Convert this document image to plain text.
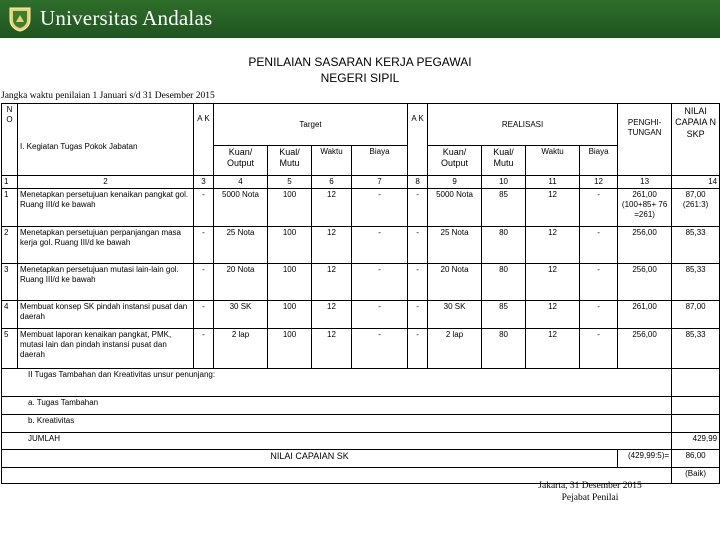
Universitas Andalas
PENILAIAN SASARAN KERJA PEGAWAI
NEGERI SIPIL
Jangka waktu penilaian 1 Januari s/d 31 Desember 2015
N O	I. Kegiatan Tugas Pokok Jabatan	A K	Target				A K	REALISASI				PENGHI- TUNGAN	NILAI CAPAIA N SKP
			Kuan/ Output	Kual/ Mutu	Waktu	Biaya		Kuan/ Output	Kual/ Mutu	Waktu	Biaya		
1	2	3	4	5	6	7	8	9	10	11	12	13	14
1	Menetapkan persetujuan kenaikan pangkat gol. Ruang III/d ke bawah	-	5000 Nota	100	12	-	-	5000 Nota	85	12	-	261,00 (100+85+ 76 =261)	87,00 (261:3)
2	Menetapkan persetujuan perpanjangan masa kerja gol. Ruang III/d ke bawah	-	25 Nota	100	12	-	-	25 Nota	80	12	-	256,00	85,33
3	Menetapkan persetujuan mutasi lain-lain gol. Ruang III/d ke bawah	-	20 Nota	100	12	-	-	20 Nota	80	12	-	256,00	85,33
4	Membuat konsep SK pindah instansi pusat dan daerah	-	30 SK	100	12	-	-	30 SK	85	12	-	261,00	87,00
5	Membuat laporan kenaikan pangkat, PMK, mutasi lain dan pindah instansi pusat dan daerah	-	2 lap	100	12	-	-	2 lap	80	12	-	256,00	85,33
II Tugas Tambahan dan Kreativitas unsur penunjang:													
a. Tugas Tambahan													
b. Kreativitas													
JUMLAH													429,99
NILAI CAPAIAN SK												(429,99:5)=	86,00
													(Baik)
Jakarta, 31 Desember 2015
Pejabat Penilai
